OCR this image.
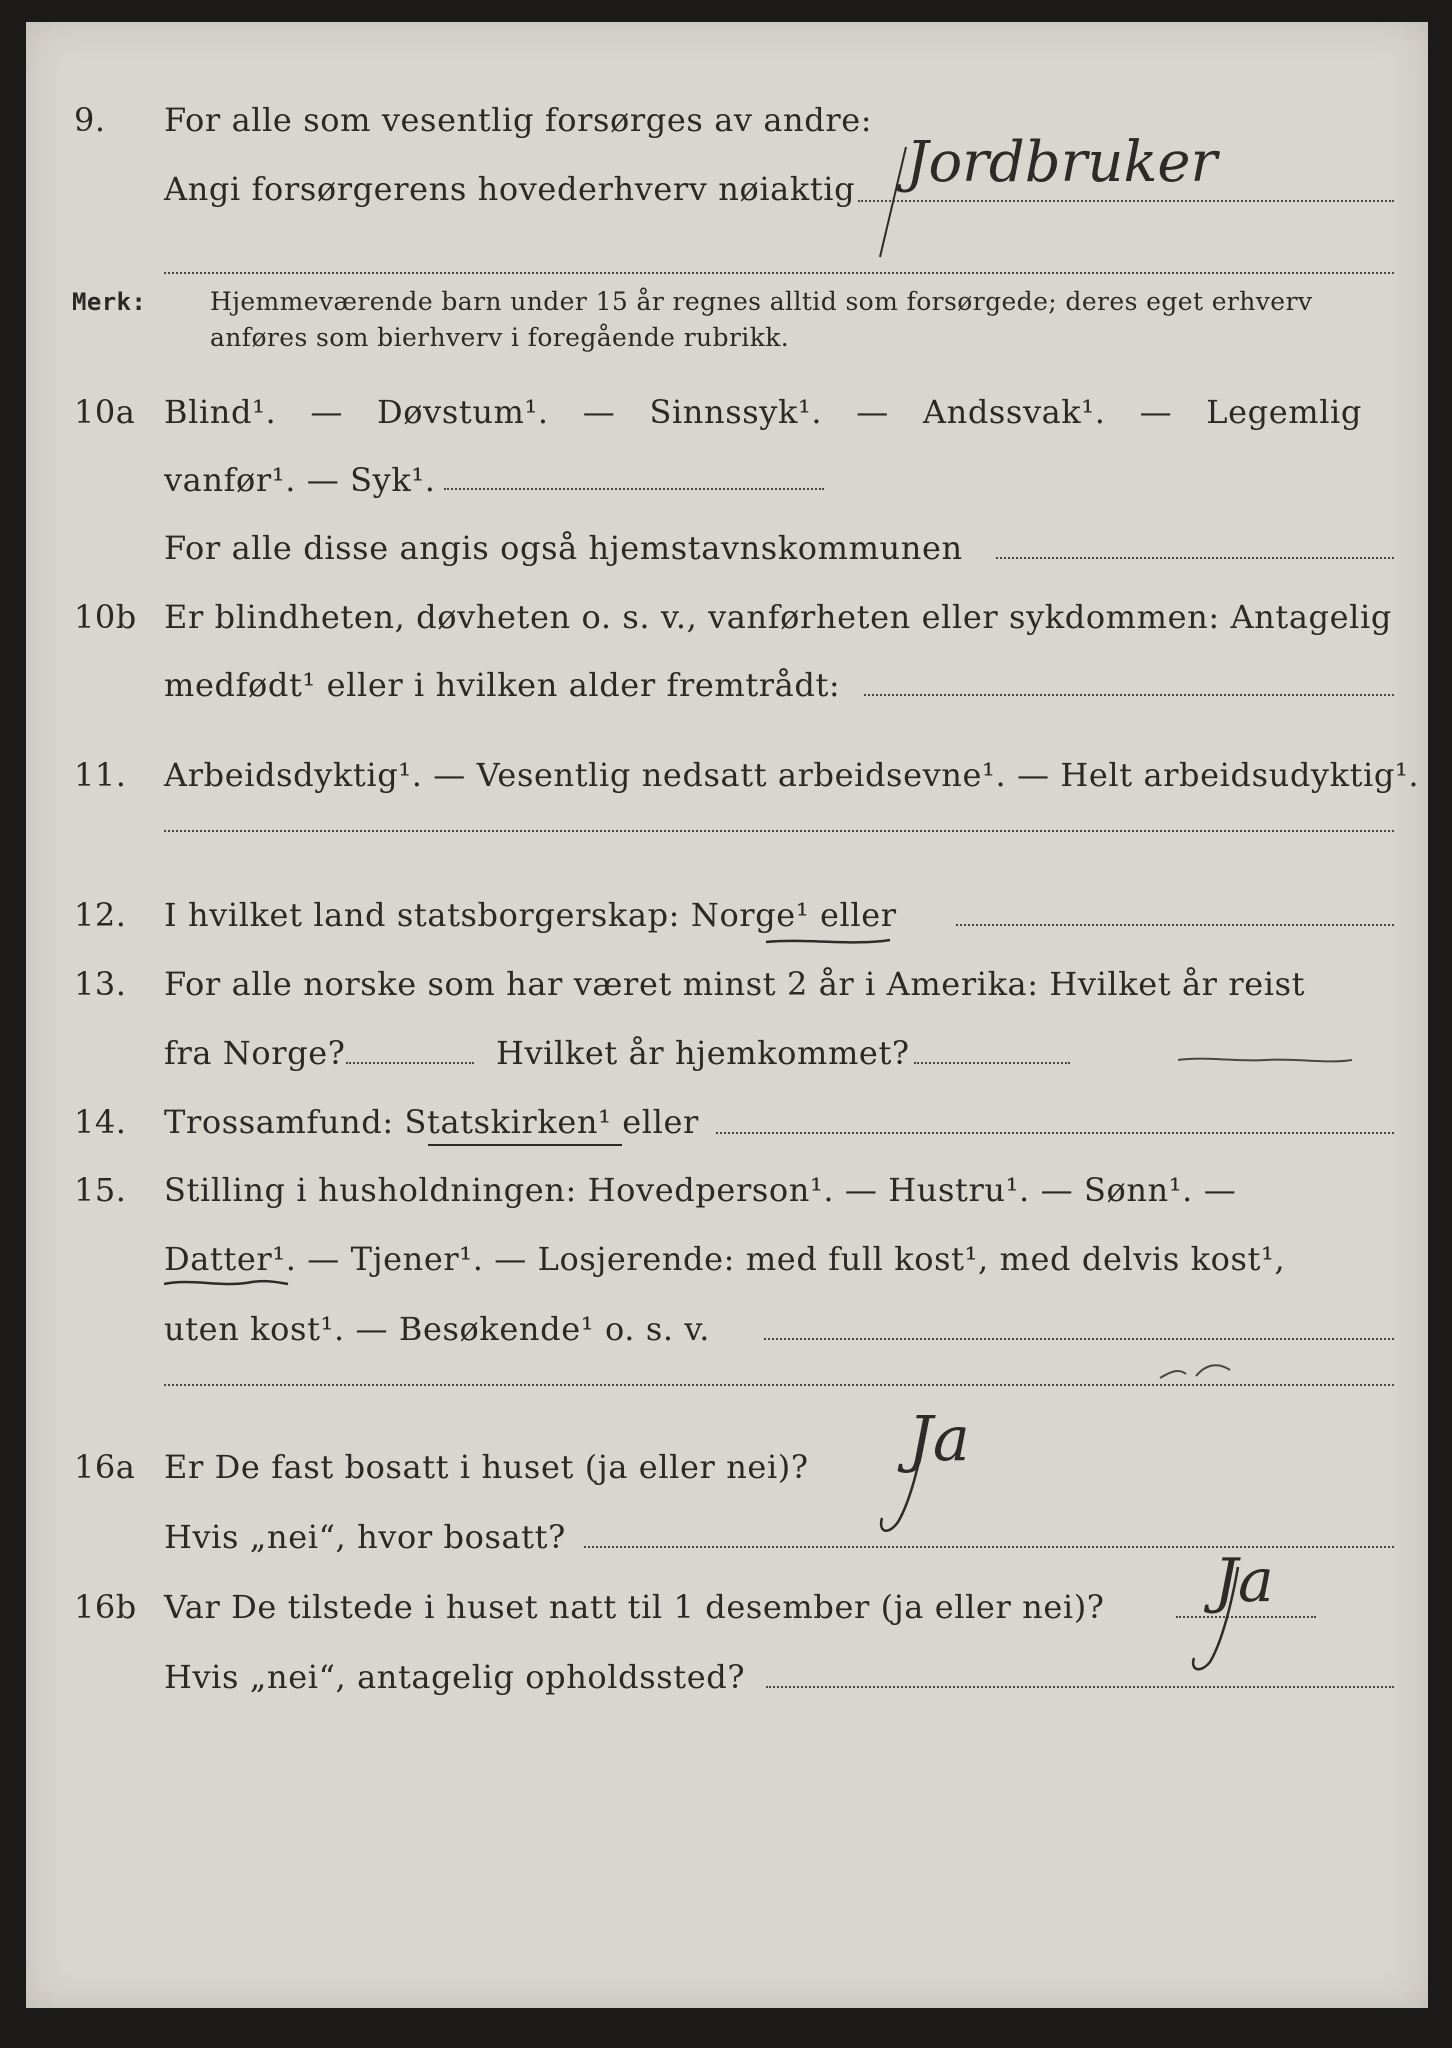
9. For alle som vesentlig forsørges av andre:
Angi forsørgerens hovederhverv nøiaktig Jordbruker
Merk:	Hjemmeværende barn under 15 år regnes alltid som forsørgede; deres eget erhverv
anføres som bierhverv i foregående rubrikk.
10a Blind¹. — Døvstum¹. — Sinnssyk¹. — Andssvak¹. — Legemlig
vanfør¹. — Syk¹.
For alle disse angis også hjemstavnskommunen
10b Er blindheten, døvheten o. s. v., vanførheten eller sykdommen: Antagelig
medfødt¹ eller i hvilken alder fremtrådt:
11. Arbeidsdyktig¹. — Vesentlig nedsatt arbeidsevne¹. — Helt arbeidsudyktig¹.
12. I hvilket land statsborgerskap: Norge¹ eller
13. For alle norske som har været minst 2 år i Amerika: Hvilket år reist
fra Norge?	Hvilket år hjemkommet?
14. Trossamfund: Statskirken¹ eller
15. Stilling i husholdningen: Hovedperson¹. — Hustru¹. — Sønn¹. —
Datter¹. — Tjener¹. — Losjerende: med full kost¹, med delvis kost¹,
uten kost¹. — Besøkende¹ o. s. v.
16a Er De fast bosatt i huset (ja eller nei)? Ja
Hvis „nei“, hvor bosatt?
16b Var De tilstede i huset natt til 1 desember (ja eller nei)? Ja
Hvis „nei“, antagelig opholdssted?
